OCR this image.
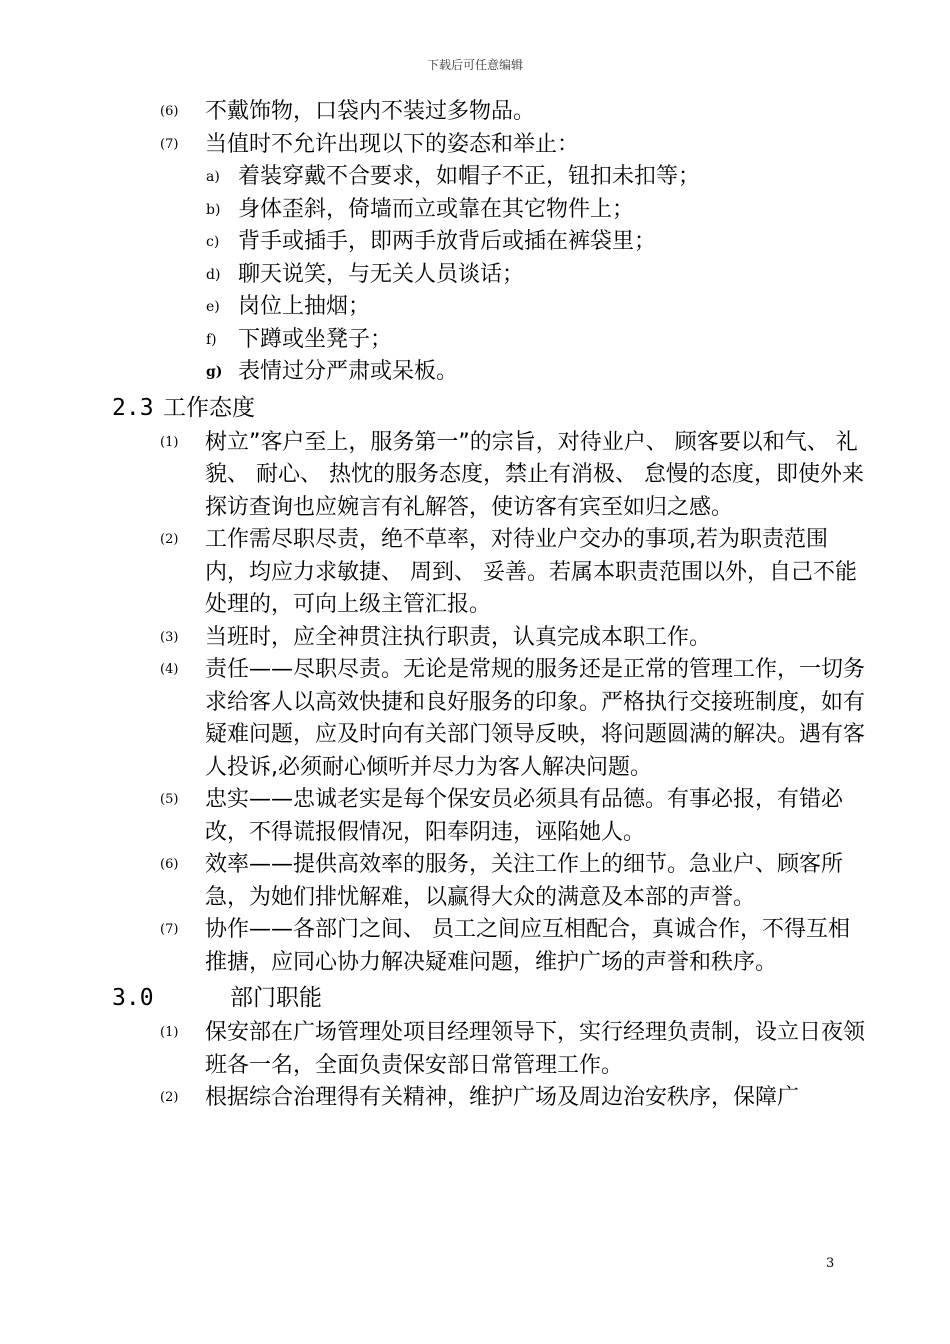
下载后可任意编辑
(6) 不戴饰物，口袋内不装过多物品。
(7) 当值时不允许出现以下的姿态和举止：
a) 着装穿戴不合要求，如帽子不正，钮扣未扣等；
b) 身体歪斜，倚墙而立或靠在其它物件上；
c) 背手或插手，即两手放背后或插在裤袋里；
d) 聊天说笑，与无关人员谈话；
e) 岗位上抽烟；
f) 下蹲或坐凳子；
g) 表情过分严肃或呆板。
2.3 工作态度
(1) 树立”客户至上，服务第一”的宗旨，对待业户、 顾客要以和气、 礼貌、 耐心、 热忱的服务态度，禁止有消极、 怠慢的态度，即使外来探访查询也应婉言有礼解答，使访客有宾至如归之感。
(2) 工作需尽职尽责，绝不草率，对待业户交办的事项,若为职责范围内，均应力求敏捷、 周到、 妥善。若属本职责范围以外，自己不能处理的，可向上级主管汇报。
(3) 当班时，应全神贯注执行职责，认真完成本职工作。
(4) 责任——尽职尽责。无论是常规的服务还是正常的管理工作，一切务求给客人以高效快捷和良好服务的印象。严格执行交接班制度，如有疑难问题，应及时向有关部门领导反映，将问题圆满的解决。遇有客人投诉,必须耐心倾听并尽力为客人解决问题。
(5) 忠实——忠诚老实是每个保安员必须具有品德。有事必报，有错必改，不得谎报假情况，阳奉阴违，诬陷她人。
(6) 效率——提供高效率的服务，关注工作上的细节。急业户、顾客所急，为她们排忧解难，以赢得大众的满意及本部的声誉。
(7) 协作——各部门之间、 员工之间应互相配合，真诚合作，不得互相推搪，应同心协力解决疑难问题，维护广场的声誉和秩序。
3.0	部门职能
(1) 保安部在广场管理处项目经理领导下，实行经理负责制，设立日夜领班各一名，全面负责保安部日常管理工作。
(2) 根据综合治理得有关精神，维护广场及周边治安秩序，保障广
3
